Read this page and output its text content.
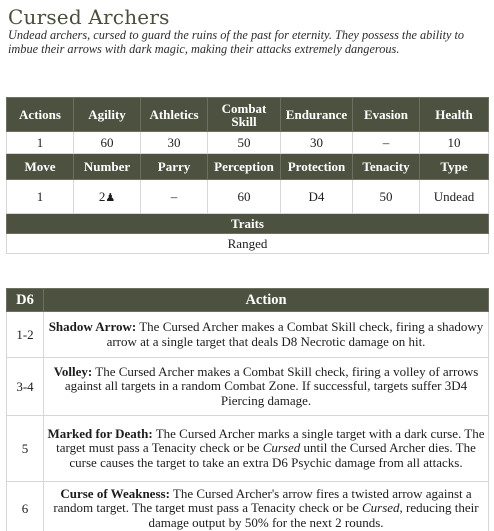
Cursed Archers
Undead archers, cursed to guard the ruins of the past for eternity. They possess the ability to imbue their arrows with dark magic, making their attacks extremely dangerous.
Actions	Agility	Athletics	Combat Skill	Endurance	Evasion	Health
1	60	30	50	30	–	10
Move	Number	Parry	Perception	Protection	Tenacity	Type
1	2♟	–	60	D4	50	Undead
Traits						
Ranged						
D6	Action
1-2	Shadow Arrow: The Cursed Archer makes a Combat Skill check, firing a shadowy arrow at a single target that deals D8 Necrotic damage on hit.
3-4	Volley: The Cursed Archer makes a Combat Skill check, firing a volley of arrows against all targets in a random Combat Zone. If successful, targets suffer 3D4 Piercing damage.
5	Marked for Death: The Cursed Archer marks a single target with a dark curse. The target must pass a Tenacity check or be Cursed until the Cursed Archer dies. The curse causes the target to take an extra D6 Psychic damage from all attacks.
6	Curse of Weakness: The Cursed Archer's arrow fires a twisted arrow against a random target. The target must pass a Tenacity check or be Cursed, reducing their damage output by 50% for the next 2 rounds.
